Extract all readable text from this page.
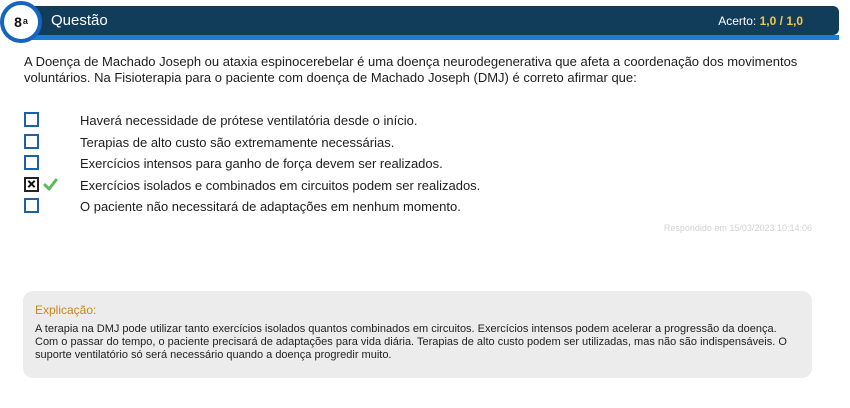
8$^a$ Questão	Acerto: 1,0 / 1,0
A Doença de Machado Joseph ou ataxia espinocerebelar é uma doença neurodegenerativa que afeta a coordenação dos movimentos voluntários. Na Fisioterapia para o paciente com doença de Machado Joseph (DMJ) é correto afirmar que:
Haverá necessidade de prótese ventilatória desde o início.
Terapias de alto custo são extremamente necessárias.
Exercícios intensos para ganho de força devem ser realizados.
Exercícios isolados e combinados em circuitos podem ser realizados.
O paciente não necessitará de adaptações em nenhum momento.
Respondido em 15/03/2023 10:14:06
Explicação:
A terapia na DMJ pode utilizar tanto exercícios isolados quantos combinados em circuitos. Exercícios intensos podem acelerar a progressão da doença. Com o passar do tempo, o paciente precisará de adaptações para vida diária. Terapias de alto custo podem ser utilizadas, mas não são indispensáveis. O suporte ventilatório só será necessário quando a doença progredir muito.
